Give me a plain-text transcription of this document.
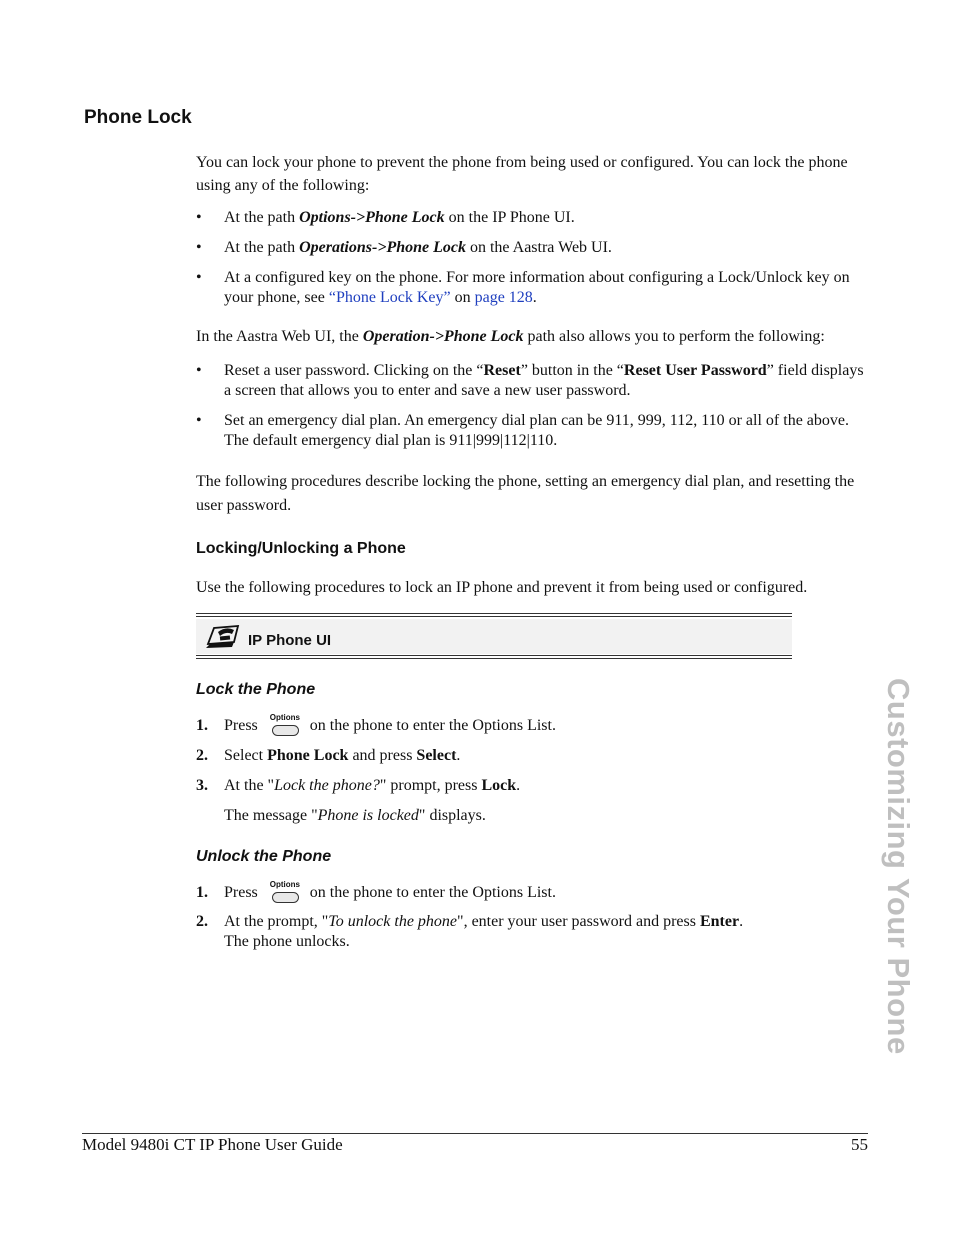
Phone Lock
You can lock your phone to prevent the phone from being used or configured. You can lock the phone using any of the following:
• At the path Options->Phone Lock on the IP Phone UI.
• At the path Operations->Phone Lock on the Aastra Web UI.
• At a configured key on the phone. For more information about configuring a Lock/Unlock key on your phone, see “Phone Lock Key” on page 128.
In the Aastra Web UI, the Operation->Phone Lock path also allows you to perform the following:
• Reset a user password. Clicking on the “Reset” button in the “Reset User Password” field displays a screen that allows you to enter and save a new user password.
• Set an emergency dial plan. An emergency dial plan can be 911, 999, 112, 110 or all of the above. The default emergency dial plan is 911|999|112|110.
The following procedures describe locking the phone, setting an emergency dial plan, and resetting the user password.
Locking/Unlocking a Phone
Use the following procedures to lock an IP phone and prevent it from being used or configured.
IP Phone UI
Lock the Phone
1. Press Options on the phone to enter the Options List.
2. Select Phone Lock and press Select.
3. At the "Lock the phone?" prompt, press Lock.
The message "Phone is locked" displays.
Unlock the Phone
1. Press Options on the phone to enter the Options List.
2. At the prompt, "To unlock the phone", enter your user password and press Enter.
The phone unlocks.	Customizing Your Phone
Model 9480i CT IP Phone User Guide	55
